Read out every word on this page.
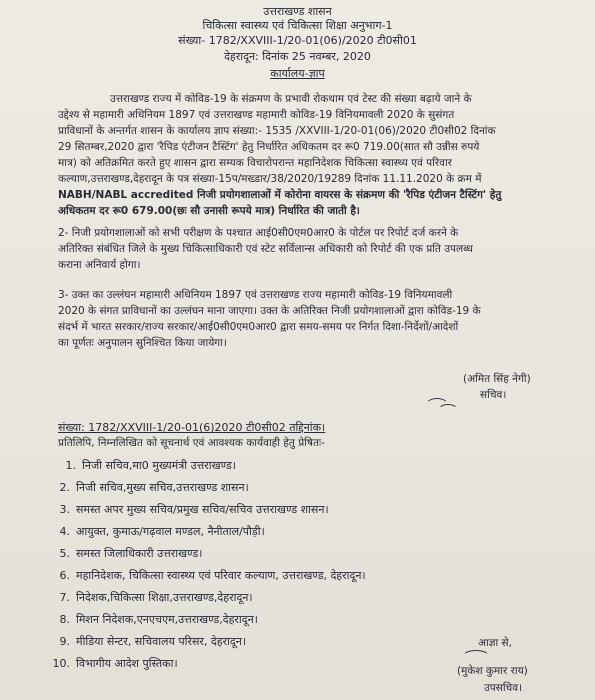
उत्तराखण्ड शासन
चिकित्सा स्वास्थ्य एवं चिकित्सा शिक्षा अनुभाग-1
संख्या- 1782/XXVIII-1/20-01(06)/2020 टी0सी01
देहरादून: दिनांक 25 नवम्बर, 2020
कार्यालय-ज्ञाप
उत्तराखण्ड राज्य में कोविड-19 के संक्रमण के प्रभावी रोकथाम एवं टेस्ट की संख्या बढ़ाये जाने के
उद्देश्य से महामारी अधिनियम 1897 एवं उत्तराखण्ड महामारी कोविड-19 विनियमावली 2020 के सुसंगत
प्राविधानों के अन्तर्गत शासन के कार्यालय ज्ञाप संख्या:- 1535 /XXVIII-1/20-01(06)/2020 टी0सी02 दिनांक
29 सितम्बर,2020 द्वारा 'रैपिड एंटीजन टैस्टिंग' हेतु निर्धारित अधिकतम दर रू0 719.00(सात सौ उन्नीस रुपये
मात्र) को अतिक्रमित करते हुए शासन द्वारा सम्यक विचारोपरान्त महानिदेशक चिकित्सा स्वास्थ्य एवं परिवार
कल्याण,उत्तराखण्ड,देहरादून के पत्र संख्या-15प/मख्डार/38/2020/19289 दिनांक 11.11.2020 के क्रम में
NABH/NABL accredited निजी प्रयोगशालाओं में कोरोना वायरस के संक्रमण की 'रैपिड एंटीजन टैस्टिंग' हेतु
अधिकतम दर रू0 679.00(छः सौ उनासी रूपये मात्र) निर्धारित की जाती है।
2- निजी प्रयोगशालाओं को सभी परीक्षण के पश्चात आई0सी0एम0आर0 के पोर्टल पर रिपोर्ट दर्ज करने के
अतिरिक्त संबंधित जिले के मुख्य चिकित्साधिकारी एवं स्टेट सर्विलान्स अधिकारी को रिपोर्ट की एक प्रति उपलब्ध
कराना अनिवार्य होगा।
3- उक्त का उल्लंघन महामारी अधिनियम 1897 एवं उत्तराखण्ड राज्य महामारी कोविड-19 विनियमावली
2020 के संगत प्राविधानों का उल्लंघन माना जाएगा। उक्त के अतिरिक्त निजी प्रयोगशालाओं द्वारा कोविड-19 के
संदर्भ में भारत सरकार/राज्य सरकार/आई0सी0एम0आर0 द्वारा समय-समय पर निर्गत दिशा-निर्देशों/आदेशों
का पूर्णतः अनुपालन सुनिश्चित किया जायेगा।
(अमित सिंह नेगी)
सचिव।
संख्या: 1782/XXVIII-1/20-01(6)2020 टी0सी02 तद्दिनांक।
प्रतिलिपि, निम्नलिखित को सूचनार्थ एवं आवश्यक कार्यवाही हेतु प्रेषितः-
1. निजी सचिव,मा0 मुख्यमंत्री उत्तराखण्ड।
2. निजी सचिव,मुख्य सचिव,उत्तराखण्ड शासन।
3. समस्त अपर मुख्य सचिव/प्रमुख सचिव/सचिव उत्तराखण्ड शासन।
4. आयुक्त, कुमाऊ/गढ़वाल मण्डल, नैनीताल/पौड़ी।
5. समस्त जिलाधिकारी उत्तराखण्ड।
6. महानिदेशक, चिकित्सा स्वास्थ्य एवं परिवार कल्याण, उत्तराखण्ड, देहरादून।
7. निदेशक,चिकित्सा शिक्षा,उत्तराखण्ड,देहरादून।
8. मिशन निदेशक,एनएचएम,उत्तराखण्ड,देहरादून।
9. मीडिया सेन्टर, सचिवालय परिसर, देहरादून।
10. विभागीय आदेश पुस्तिका।
आज्ञा से,
(मुकेश कुमार राय)
उपसचिव।
